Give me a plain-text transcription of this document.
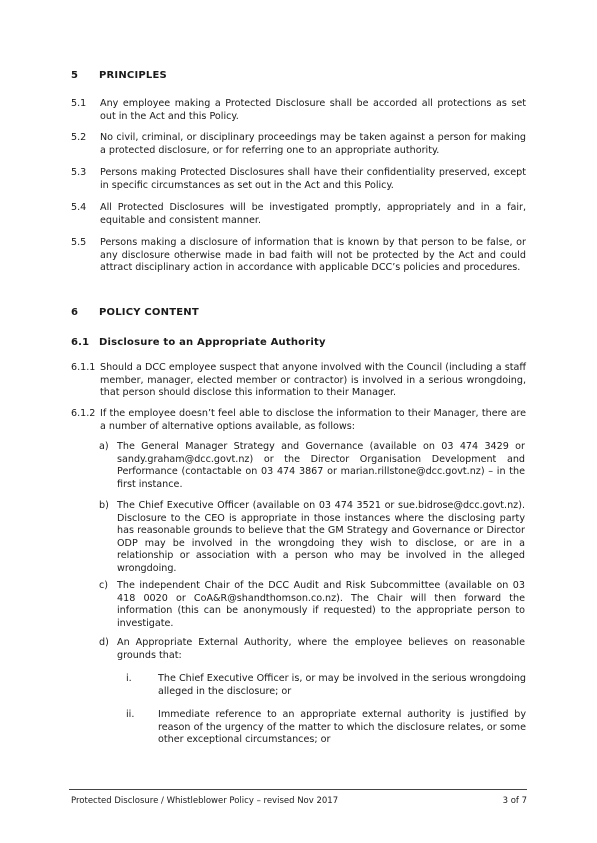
5 PRINCIPLES
5.1 Any employee making a Protected Disclosure shall be accorded all protections as set out in the Act and this Policy.
5.2 No civil, criminal, or disciplinary proceedings may be taken against a person for making a protected disclosure, or for referring one to an appropriate authority.
5.3 Persons making Protected Disclosures shall have their confidentiality preserved, except in specific circumstances as set out in the Act and this Policy.
5.4 All Protected Disclosures will be investigated promptly, appropriately and in a fair, equitable and consistent manner.
5.5 Persons making a disclosure of information that is known by that person to be false, or any disclosure otherwise made in bad faith will not be protected by the Act and could attract disciplinary action in accordance with applicable DCC’s policies and procedures.
6 POLICY CONTENT
6.1 Disclosure to an Appropriate Authority
6.1.1 Should a DCC employee suspect that anyone involved with the Council (including a staff member, manager, elected member or contractor) is involved in a serious wrongdoing, that person should disclose this information to their Manager.
6.1.2 If the employee doesn’t feel able to disclose the information to their Manager, there are a number of alternative options available, as follows:
a) The General Manager Strategy and Governance (available on 03 474 3429 or sandy.graham@dcc.govt.nz) or the Director Organisation Development and Performance (contactable on 03 474 3867 or marian.rillstone@dcc.govt.nz) – in the first instance.
b) The Chief Executive Officer (available on 03 474 3521 or sue.bidrose@dcc.govt.nz). Disclosure to the CEO is appropriate in those instances where the disclosing party has reasonable grounds to believe that the GM Strategy and Governance or Director ODP may be involved in the wrongdoing they wish to disclose, or are in a relationship or association with a person who may be involved in the alleged wrongdoing.
c) The independent Chair of the DCC Audit and Risk Subcommittee (available on 03 418 0020 or CoA&R@shandthomson.co.nz). The Chair will then forward the information (this can be anonymously if requested) to the appropriate person to investigate.
d) An Appropriate External Authority, where the employee believes on reasonable grounds that:
i.	The Chief Executive Officer is, or may be involved in the serious wrongdoing alleged in the disclosure; or
ii. Immediate reference to an appropriate external authority is justified by reason of the urgency of the matter to which the disclosure relates, or some other exceptional circumstances; or
Protected Disclosure / Whistleblower Policy – revised Nov 2017	3 of 7
